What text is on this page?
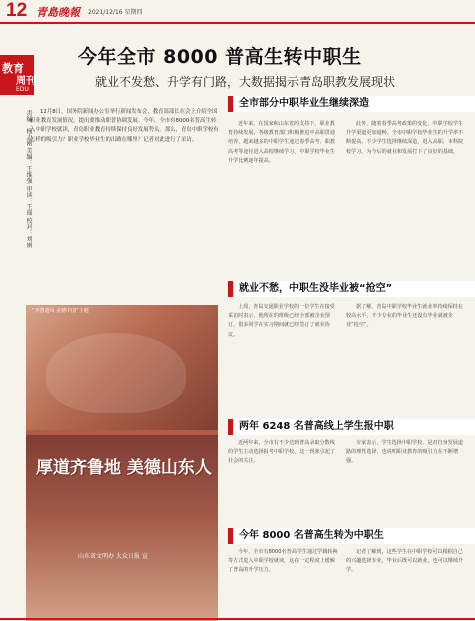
12 青島晚報 2021/12/16 星期四
教育
周刊
EDU
责编：杨志刚 美编：王维强 审读：王瑶 校对：刘丽
今年全市 8000 普高生转中职生
就业不发愁、升学有门路，大数据揭示青岛职教发展现状
12月8日，国务院新闻办公室举行新闻发布会，教育部部长在会上介绍全国职业教育发展情况，提出要推动职普协调发展。今年，全市有8000名普高生转入中职学校就读，青岛职业教育持续保持良好发展势头。那么，青岛中职学校有怎样的吸引力？职业学校毕业生的出路在哪里？记者对此进行了采访。
全市部分中职毕业生继续深造
近年来，在国家和山东省的支持下，职业教育持续发展。各级教育部门积极推进中高职贯通培养，越来越多的中职学生通过春季高考、职教高考等途径进入高校继续学习，中职学校毕业生升学比例逐年提高。
此外，随着春季高考政策的变化，中职学校学生升学渠道更加通畅。全市中职学校毕业生的升学率不断提高，不少学生选择继续深造，进入高职、本科院校学习，为今后的就业和发展打下了良好的基础。
就业不愁，中职生没毕业被“抢空”
上周，青岛交通职业学校的一位学生在接受采访时表示，他所在的班级已经全部被企业预订，很多同学在实习期间就已经签订了就业协议。
据了解，青岛中职学校毕业生就业率持续保持在较高水平，不少专业的毕业生还没有毕业就被企业“抢空”。
两年 6248 名普高线上学生报中职
近两年来，全市有不少达到普高录取分数线的学生主动选择报考中职学校，这一现象引起了社会的关注。
专家表示，学生选择中职学校，是对自身发展道路的理性选择，也说明职业教育的吸引力在不断增强。
今年 8000 名普高生转为中职生
今年，全市有8000名普高学生通过学籍转换等方式进入中职学校就读，这在一定程度上缓解了普高的升学压力。
记者了解到，这些学生在中职学校可以根据自己的兴趣选择专业，毕业后既可以就业，也可以继续升学。
“齐鲁遗风 美德中国”主题
厚道齐鲁地 美德山东人
山东省文明办 大众日报 宣
